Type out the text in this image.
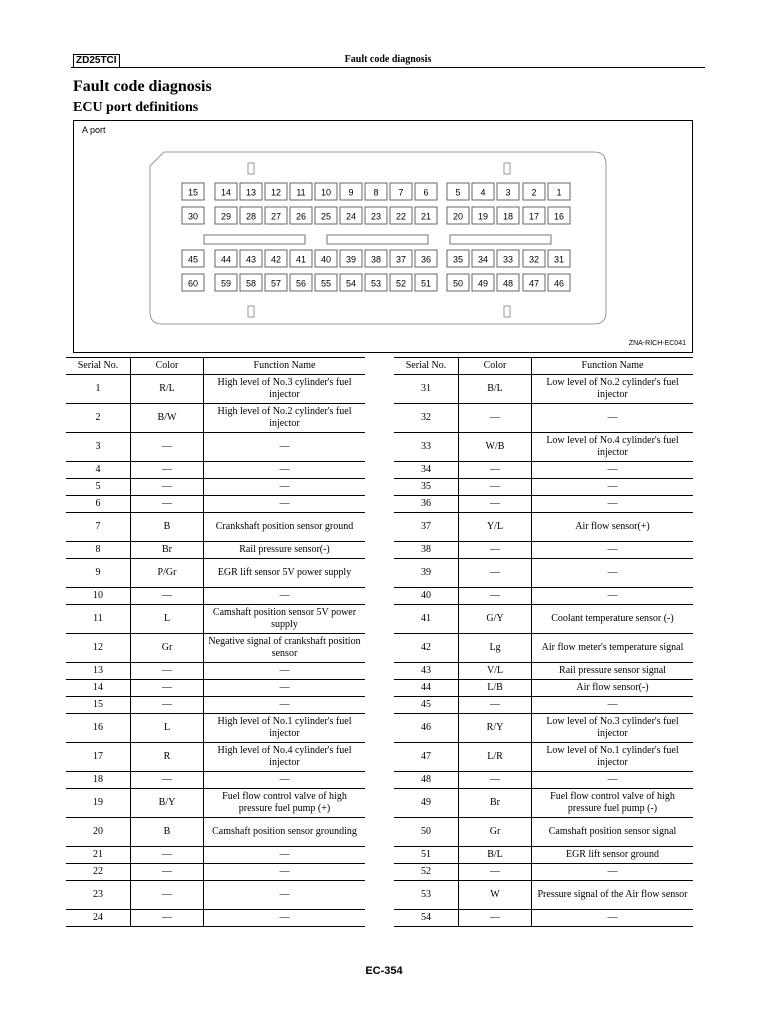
ZD25TCI	Fault code diagnosis
Fault code diagnosis
ECU port definitions
15	14 13 12 11 10 9 8 7 6	5 4 3 2 1
30	29 28 27 26 25 24 23 22 21 20 19 18 17 16
45	44 43 42 41 40 39 38 37 36 35 34 33 32 31
60	59 58 57 56 55 54 53 52 51 50 49 48 47 46
A port
ZNA-RICH-EC041
Serial No.	Color	Function Name
1	R/L	High level of No.3 cylinder's fuel injector
2	B/W	High level of No.2 cylinder's fuel injector
3	—	—
4	—	—
5	—	—
6	—	—
7	B	Crankshaft position sensor ground
8	Br	Rail pressure sensor(-)
9	P/Gr	EGR lift sensor 5V power supply
10	—	—
11	L	Camshaft position sensor 5V power supply
12	Gr	Negative signal of crankshaft position sensor
13	—	—
14	—	—
15	—	—
16	L	High level of No.1 cylinder's fuel injector
17	R	High level of No.4 cylinder's fuel injector
18	—	—
19	B/Y	Fuel flow control valve of high pressure fuel pump (+)
20	B	Camshaft position sensor grounding
21	—	—
22	—	—
23	—	—
24	—	—
Serial No.	Color	Function Name
31	B/L	Low level of No.2 cylinder's fuel injector
32	—	—
33	W/B	Low level of No.4 cylinder's fuel injector
34	—	—
35	—	—
36	—	—
37	Y/L	Air flow sensor(+)
38	—	—
39	—	—
40	—	—
41	G/Y	Coolant temperature sensor (-)
42	Lg	Air flow meter's temperature signal
43	V/L	Rail pressure sensor signal
44	L/B	Air flow sensor(-)
45	—	—
46	R/Y	Low level of No.3 cylinder's fuel injector
47	L/R	Low level of No.1 cylinder's fuel injector
48	—	—
49	Br	Fuel flow control valve of high pressure fuel pump (-)
50	Gr	Camshaft position sensor signal
51	B/L	EGR lift sensor ground
52	—	—
53	W	Pressure signal of the Air flow sensor
54	—	—
EC-354
